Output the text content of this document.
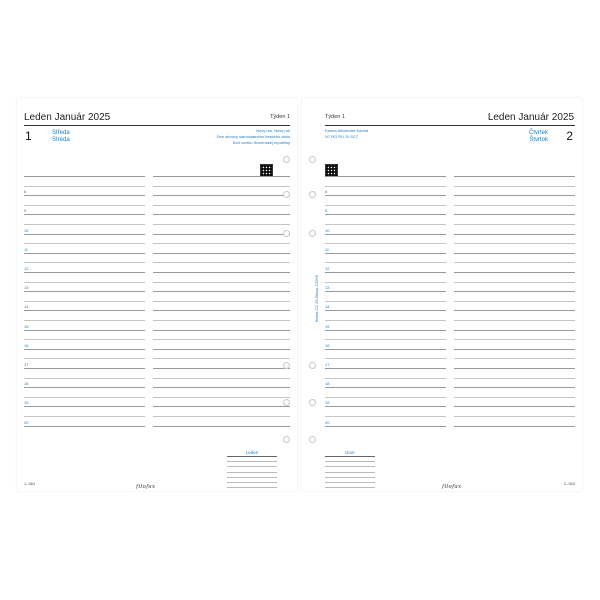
Leden Január 2025	Týden 1
1	Středa
Streda
Nový rok, Nový rok
Den obnovy samostatného českého státu
Deň vzniku Slovenskej republiky
8
9
10
11
12
13
14
15
16
17
18
19
20
Leden
1–364
filofax
Leden Január 2025
Týden 1
2
Čtvrtek
Štvrtok
Karina Alexandra Karina
N7 RO RU SI SCT
8
9
10
11
12
13
14
15
16
17
18
19
20
Únor
2–363
filofax
filofax CZ 25-68xxx-CZ/SK
